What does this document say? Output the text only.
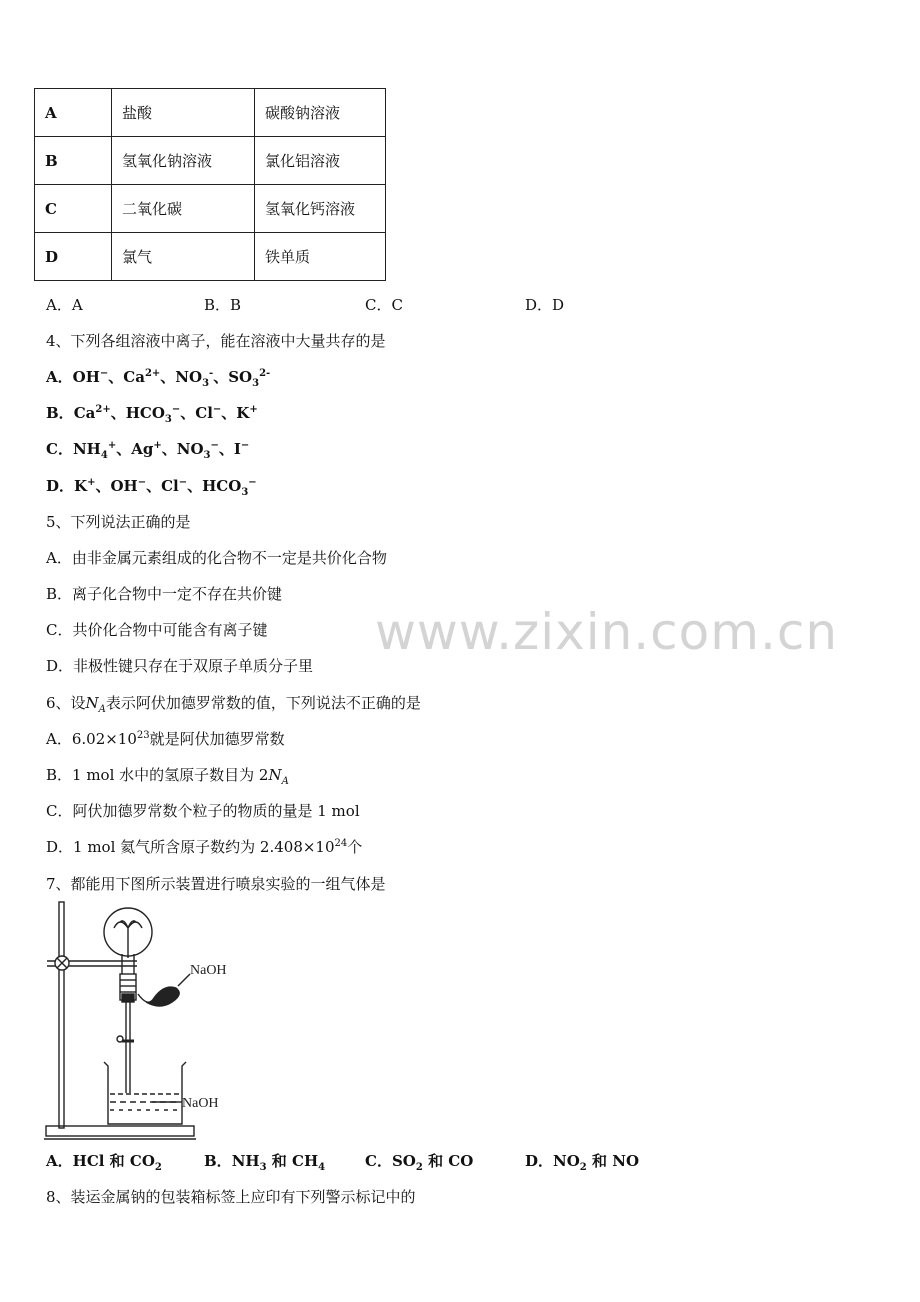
A	盐酸	碳酸钠溶液
B	氢氧化钠溶液	氯化铝溶液
C	二氧化碳	氢氧化钙溶液
D	氯气	铁单质
A．A	B．B	C．C	D．D
www.zixin.com.cn
4、下列各组溶液中离子，能在溶液中大量共存的是
A．OH−、$Ca^{2+}$、$NO_3^-$、$SO_3^{2-}$
B．$Ca^{2+}$、$HCO_3^-$、Cl−、K+
C．$NH_4^+$、Ag+、$NO_3^-$、I−
D．K+、OH−、Cl−、$HCO_3^-$
5、下列说法正确的是
A．由非金属元素组成的化合物不一定是共价化合物
B．离子化合物中一定不存在共价键
C．共价化合物中可能含有离子键
D．非极性键只存在于双原子单质分子里
6、设$N_A$表示阿伏加德罗常数的值，下列说法不正确的是
A．$6.02\times 10^{23}$就是阿伏加德罗常数
B．1 mol 水中的氢原子数目为 $2N_A$
C．阿伏加德罗常数个粒子的物质的量是 1 mol
D．1 mol 氦气所含原子数约为 $2.408\times 10^{24}$个
7、都能用下图所示装置进行喷泉实验的一组气体是
NaOH
NaOH
A．HCl 和 $CO_2$	B．$NH_3$ 和 $CH_4$	C．$SO_2$ 和 CO	D．$NO_2$ 和 NO
8、装运金属钠的包装箱标签上应印有下列警示标记中的
